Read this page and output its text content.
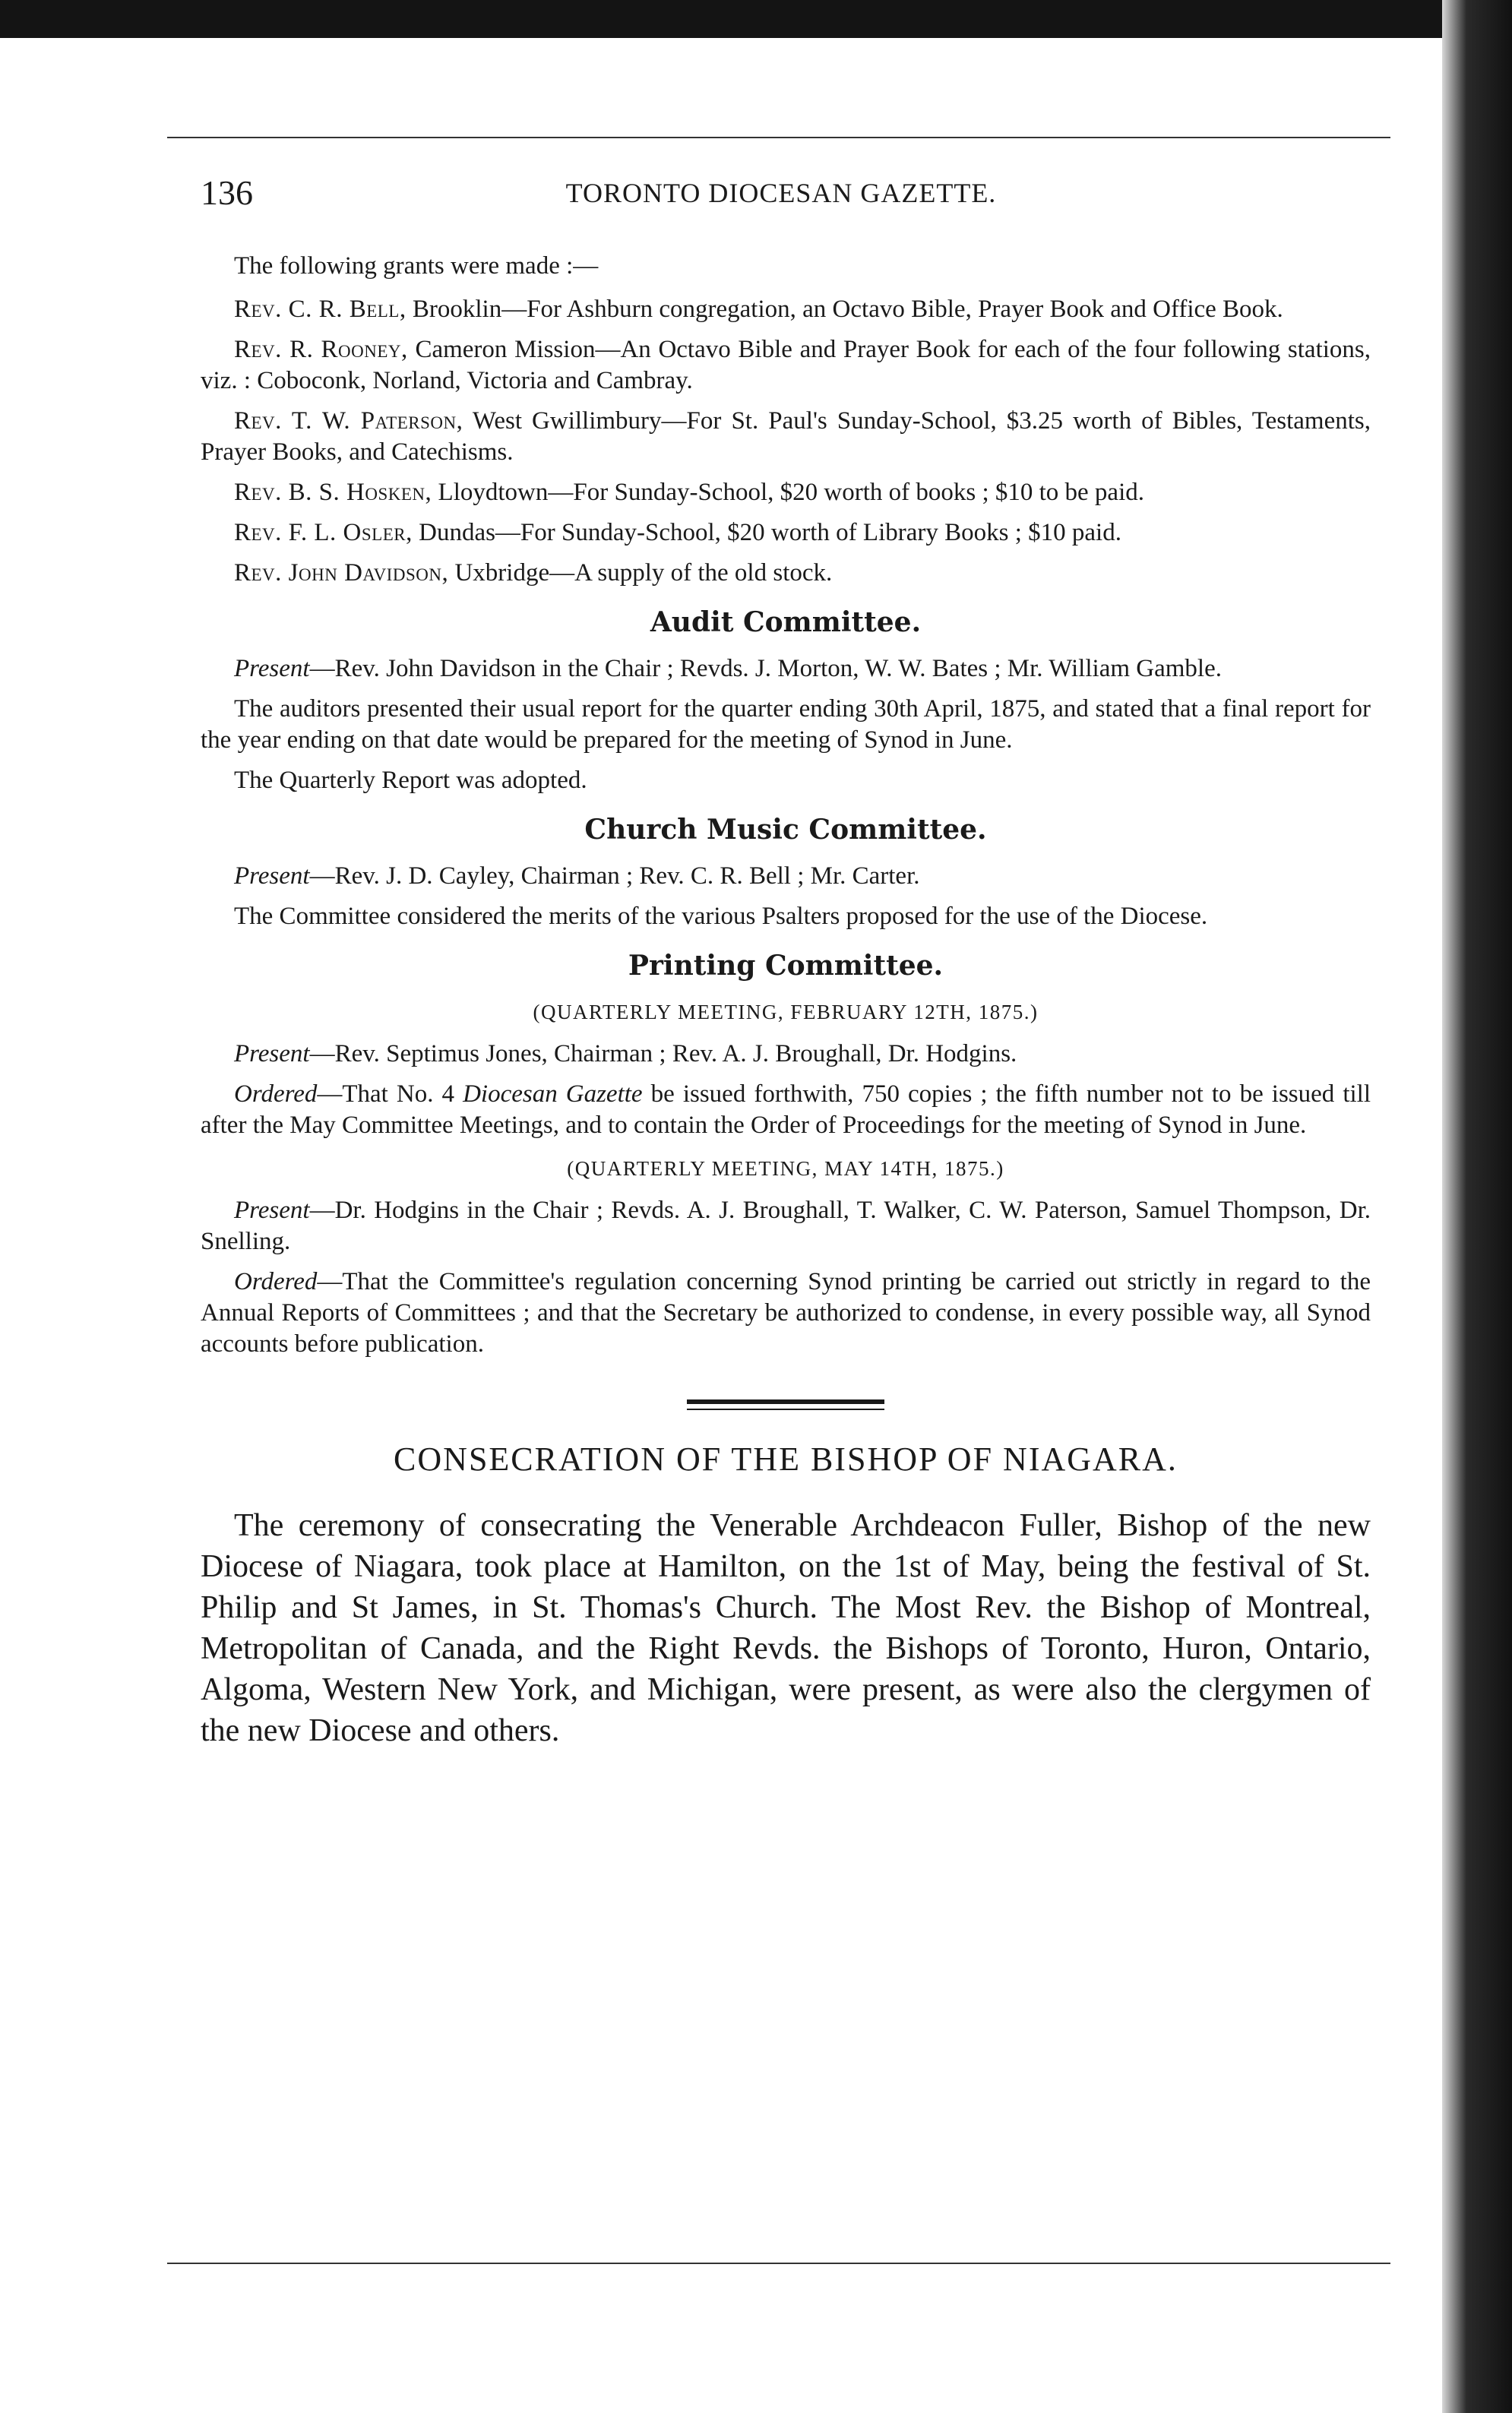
136	TORONTO DIOCESAN GAZETTE.

The following grants were made :—

Rev. C. R. Bell, Brooklin—For Ashburn congregation, an Octavo Bible, Prayer Book and Office Book.

Rev. R. Rooney, Cameron Mission—An Octavo Bible and Prayer Book for each of the four following stations, viz. : Coboconk, Norland, Victoria and Cambray.

Rev. T. W. Paterson, West Gwillimbury—For St. Paul's Sunday-School, $3.25 worth of Bibles, Testaments, Prayer Books, and Catechisms.

Rev. B. S. Hosken, Lloydtown—For Sunday-School, $20 worth of books ; $10 to be paid.

Rev. F. L. Osler, Dundas—For Sunday-School, $20 worth of Library Books ; $10 paid.

Rev. John Davidson, Uxbridge—A supply of the old stock.

Audit Committee.

Present—Rev. John Davidson in the Chair ; Revds. J. Morton, W. W. Bates ; Mr. William Gamble.

The auditors presented their usual report for the quarter ending 30th April, 1875, and stated that a final report for the year ending on that date would be prepared for the meeting of Synod in June.

The Quarterly Report was adopted.

Church Music Committee.

Present—Rev. J. D. Cayley, Chairman ; Rev. C. R. Bell ; Mr. Carter.

The Committee considered the merits of the various Psalters proposed for the use of the Diocese.

Printing Committee.
(QUARTERLY MEETING, FEBRUARY 12TH, 1875.)

Present—Rev. Septimus Jones, Chairman ; Rev. A. J. Broughall, Dr. Hodgins.

Ordered—That No. 4 Diocesan Gazette be issued forthwith, 750 copies ; the fifth number not to be issued till after the May Committee Meetings, and to contain the Order of Proceedings for the meeting of Synod in June.

(QUARTERLY MEETING, MAY 14TH, 1875.)

Present—Dr. Hodgins in the Chair ; Revds. A. J. Broughall, T. Walker, C. W. Paterson, Samuel Thompson, Dr. Snelling.

Ordered—That the Committee's regulation concerning Synod printing be carried out strictly in regard to the Annual Reports of Committees ; and that the Secretary be authorized to condense, in every possible way, all Synod accounts before publication.

CONSECRATION OF THE BISHOP OF NIAGARA.

The ceremony of consecrating the Venerable Archdeacon Fuller, Bishop of the new Diocese of Niagara, took place at Hamilton, on the 1st of May, being the festival of St. Philip and St James, in St. Thomas's Church. The Most Rev. the Bishop of Montreal, Metropolitan of Canada, and the Right Revds. the Bishops of Toronto, Huron, Ontario, Algoma, Western New York, and Michigan, were present, as were also the clergymen of the new Diocese and others.
